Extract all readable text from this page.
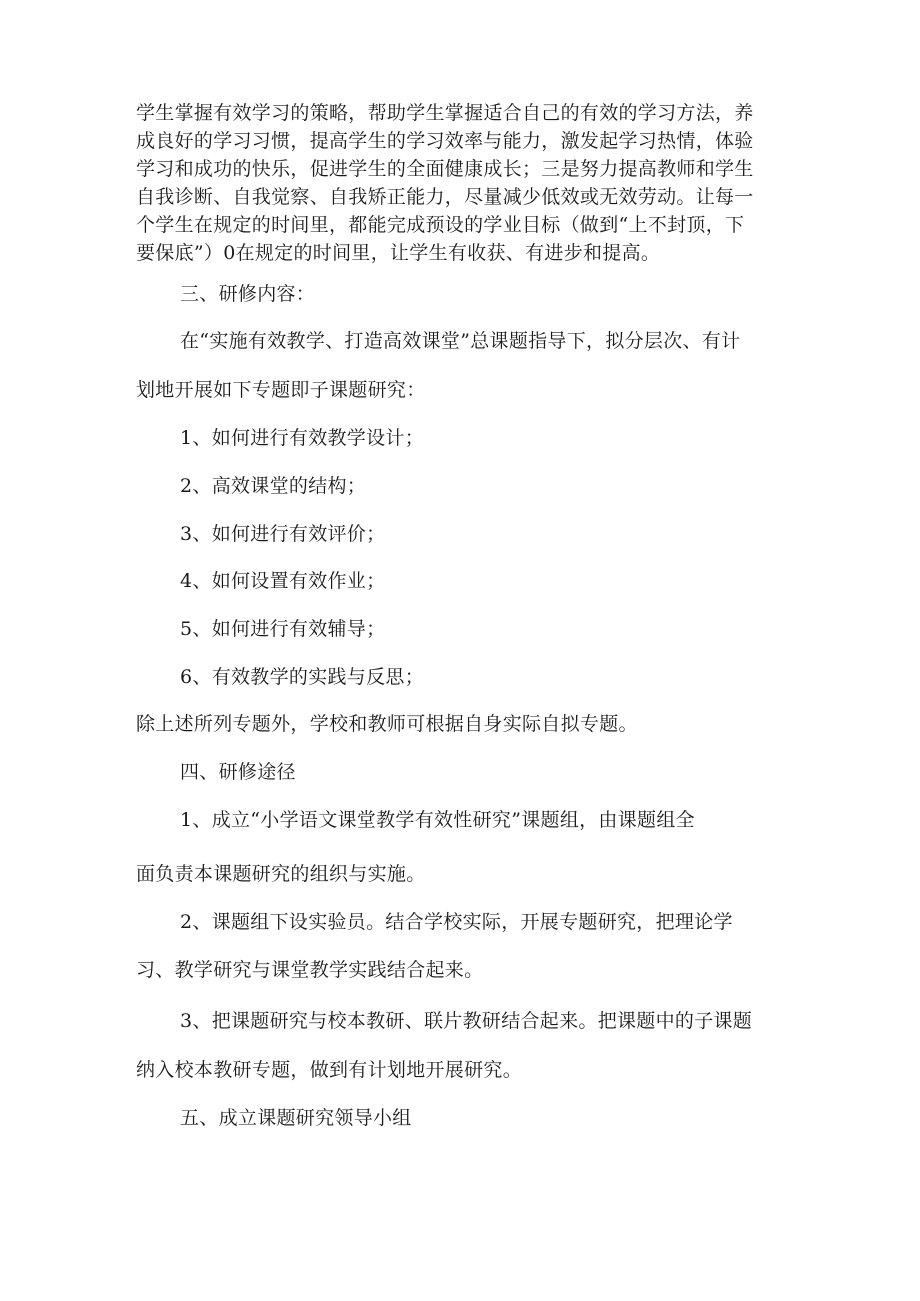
学生掌握有效学习的策略，帮助学生掌握适合自己的有效的学习方法，养
成良好的学习习惯，提高学生的学习效率与能力，激发起学习热情，体验
学习和成功的快乐，促进学生的全面健康成长；三是努力提高教师和学生
自我诊断、自我觉察、自我矫正能力，尽量减少低效或无效劳动。让每一
个学生在规定的时间里，都能完成预设的学业目标（做到“上不封顶，下
要保底”）0在规定的时间里，让学生有收获、有进步和提高。
三、研修内容：
在“实施有效教学、打造高效课堂”总课题指导下，拟分层次、有计
划地开展如下专题即子课题研究：
1、如何进行有效教学设计；
2、高效课堂的结构；
3、如何进行有效评价；
4、如何设置有效作业；
5、如何进行有效辅导；
6、有效教学的实践与反思；
除上述所列专题外，学校和教师可根据自身实际自拟专题。
四、研修途径
1、成立“小学语文课堂教学有效性研究”课题组，由课题组全
面负责本课题研究的组织与实施。
2、课题组下设实验员。结合学校实际，开展专题研究，把理论学
习、教学研究与课堂教学实践结合起来。
3、把课题研究与校本教研、联片教研结合起来。把课题中的子课题
纳入校本教研专题，做到有计划地开展研究。
五、成立课题研究领导小组
